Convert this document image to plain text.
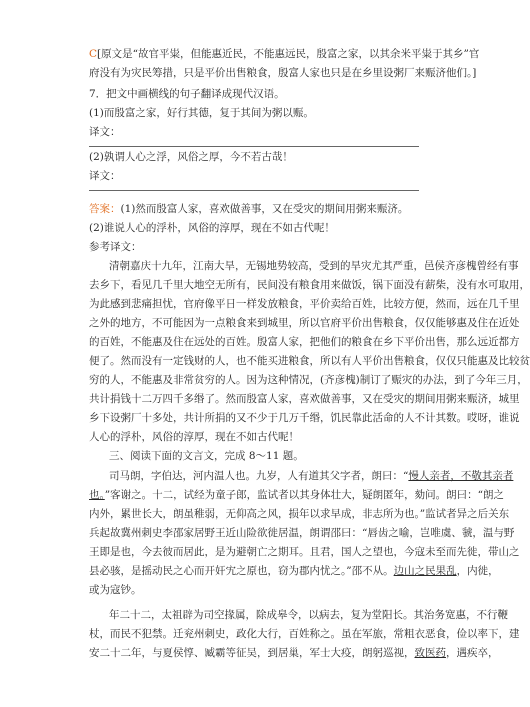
C[原文是“故官平粜，但能惠近民，不能惠远民，殷富之家，以其余米平粜于其乡”官
府没有为灾民筹措，只是平价出售粮食，殷富人家也只是在乡里设粥厂来赈济他们。]
7．把文中画横线的句子翻译成现代汉语。
(1)而殷富之家，好行其德，复于其间为粥以赈。
译文：
(2)孰谓人心之浮，风俗之厚，今不若古哉！
译文：
答案：(1)然而殷富人家，喜欢做善事，又在受灾的期间用粥来赈济。
(2)谁说人心的浮朴，风俗的淳厚，现在不如古代呢！
参考译文：
清朝嘉庆十九年，江南大旱，无锡地势较高，受到的旱灾尤其严重，邑侯齐彦槐曾经有事
去乡下，看见几千里大地空无所有，民间没有粮食用来做饭，锅下面没有薪柴，没有水可取用，
为此感到悲痛担忧，官府像平日一样发放粮食，平价卖给百姓，比较方便，然而，远在几千里
之外的地方，不可能因为一点粮食来到城里，所以官府平价出售粮食，仅仅能够惠及住在近处
的百姓，不能惠及住在远处的百姓。殷富人家，把他们的粮食在乡下平价出售，那么远近都方
便了。然而没有一定钱财的人，也不能买进粮食，所以有人平价出售粮食，仅仅只能惠及比较贫
穷的人，不能惠及非常贫穷的人。因为这种情况，(齐彦槐)制订了赈灾的办法，到了今年三月，
共计捐钱十二万四千多缗了。然而殷富人家，喜欢做善事，又在受灾的期间用粥来赈济，城里
乡下设粥厂十多处，共计所捐的又不少于几万千缗，饥民靠此活命的人不计其数。哎呀，谁说
人心的浮朴，风俗的淳厚，现在不如古代呢！
三、阅读下面的文言文，完成 8～11 题。
司马朗，字伯达，河内温人也。九岁，人有道其父字者，朗曰：“慢人亲者，不敬其亲者
也。”客谢之。十二，试经为童子郎，监试者以其身体壮大，疑朗匿年，劾问。朗曰：“朗之
内外，累世长大，朗虽稚弱，无仰高之风，损年以求早成，非志所为也。”监试者异之后关东
兵起故冀州刺史李邵家居野王近山险欲徙居温，朗谓邵曰：“唇齿之喻，岂唯虞、虢，温与野
王即是也，今去彼而居此，是为避朝亡之期耳。且君，国人之望也，今寇未至而先徙，带山之
县必骇，是摇动民之心而开奸宄之原也，窃为郡内忧之。”邵不从。边山之民果乱，内徙，
或为寇钞。
年二十二，太祖辟为司空掾属，除成皋令，以病去，复为堂阳长。其治务宽惠，不行鞭
杖，而民不犯禁。迁兖州刺史，政化大行，百姓称之。虽在军旅，常粗衣恶食，俭以率下，建
安二十二年，与夏侯惇、臧霸等征吴，到居巢，军士大疫，朗躬巡视，致医药，遇疾卒，
